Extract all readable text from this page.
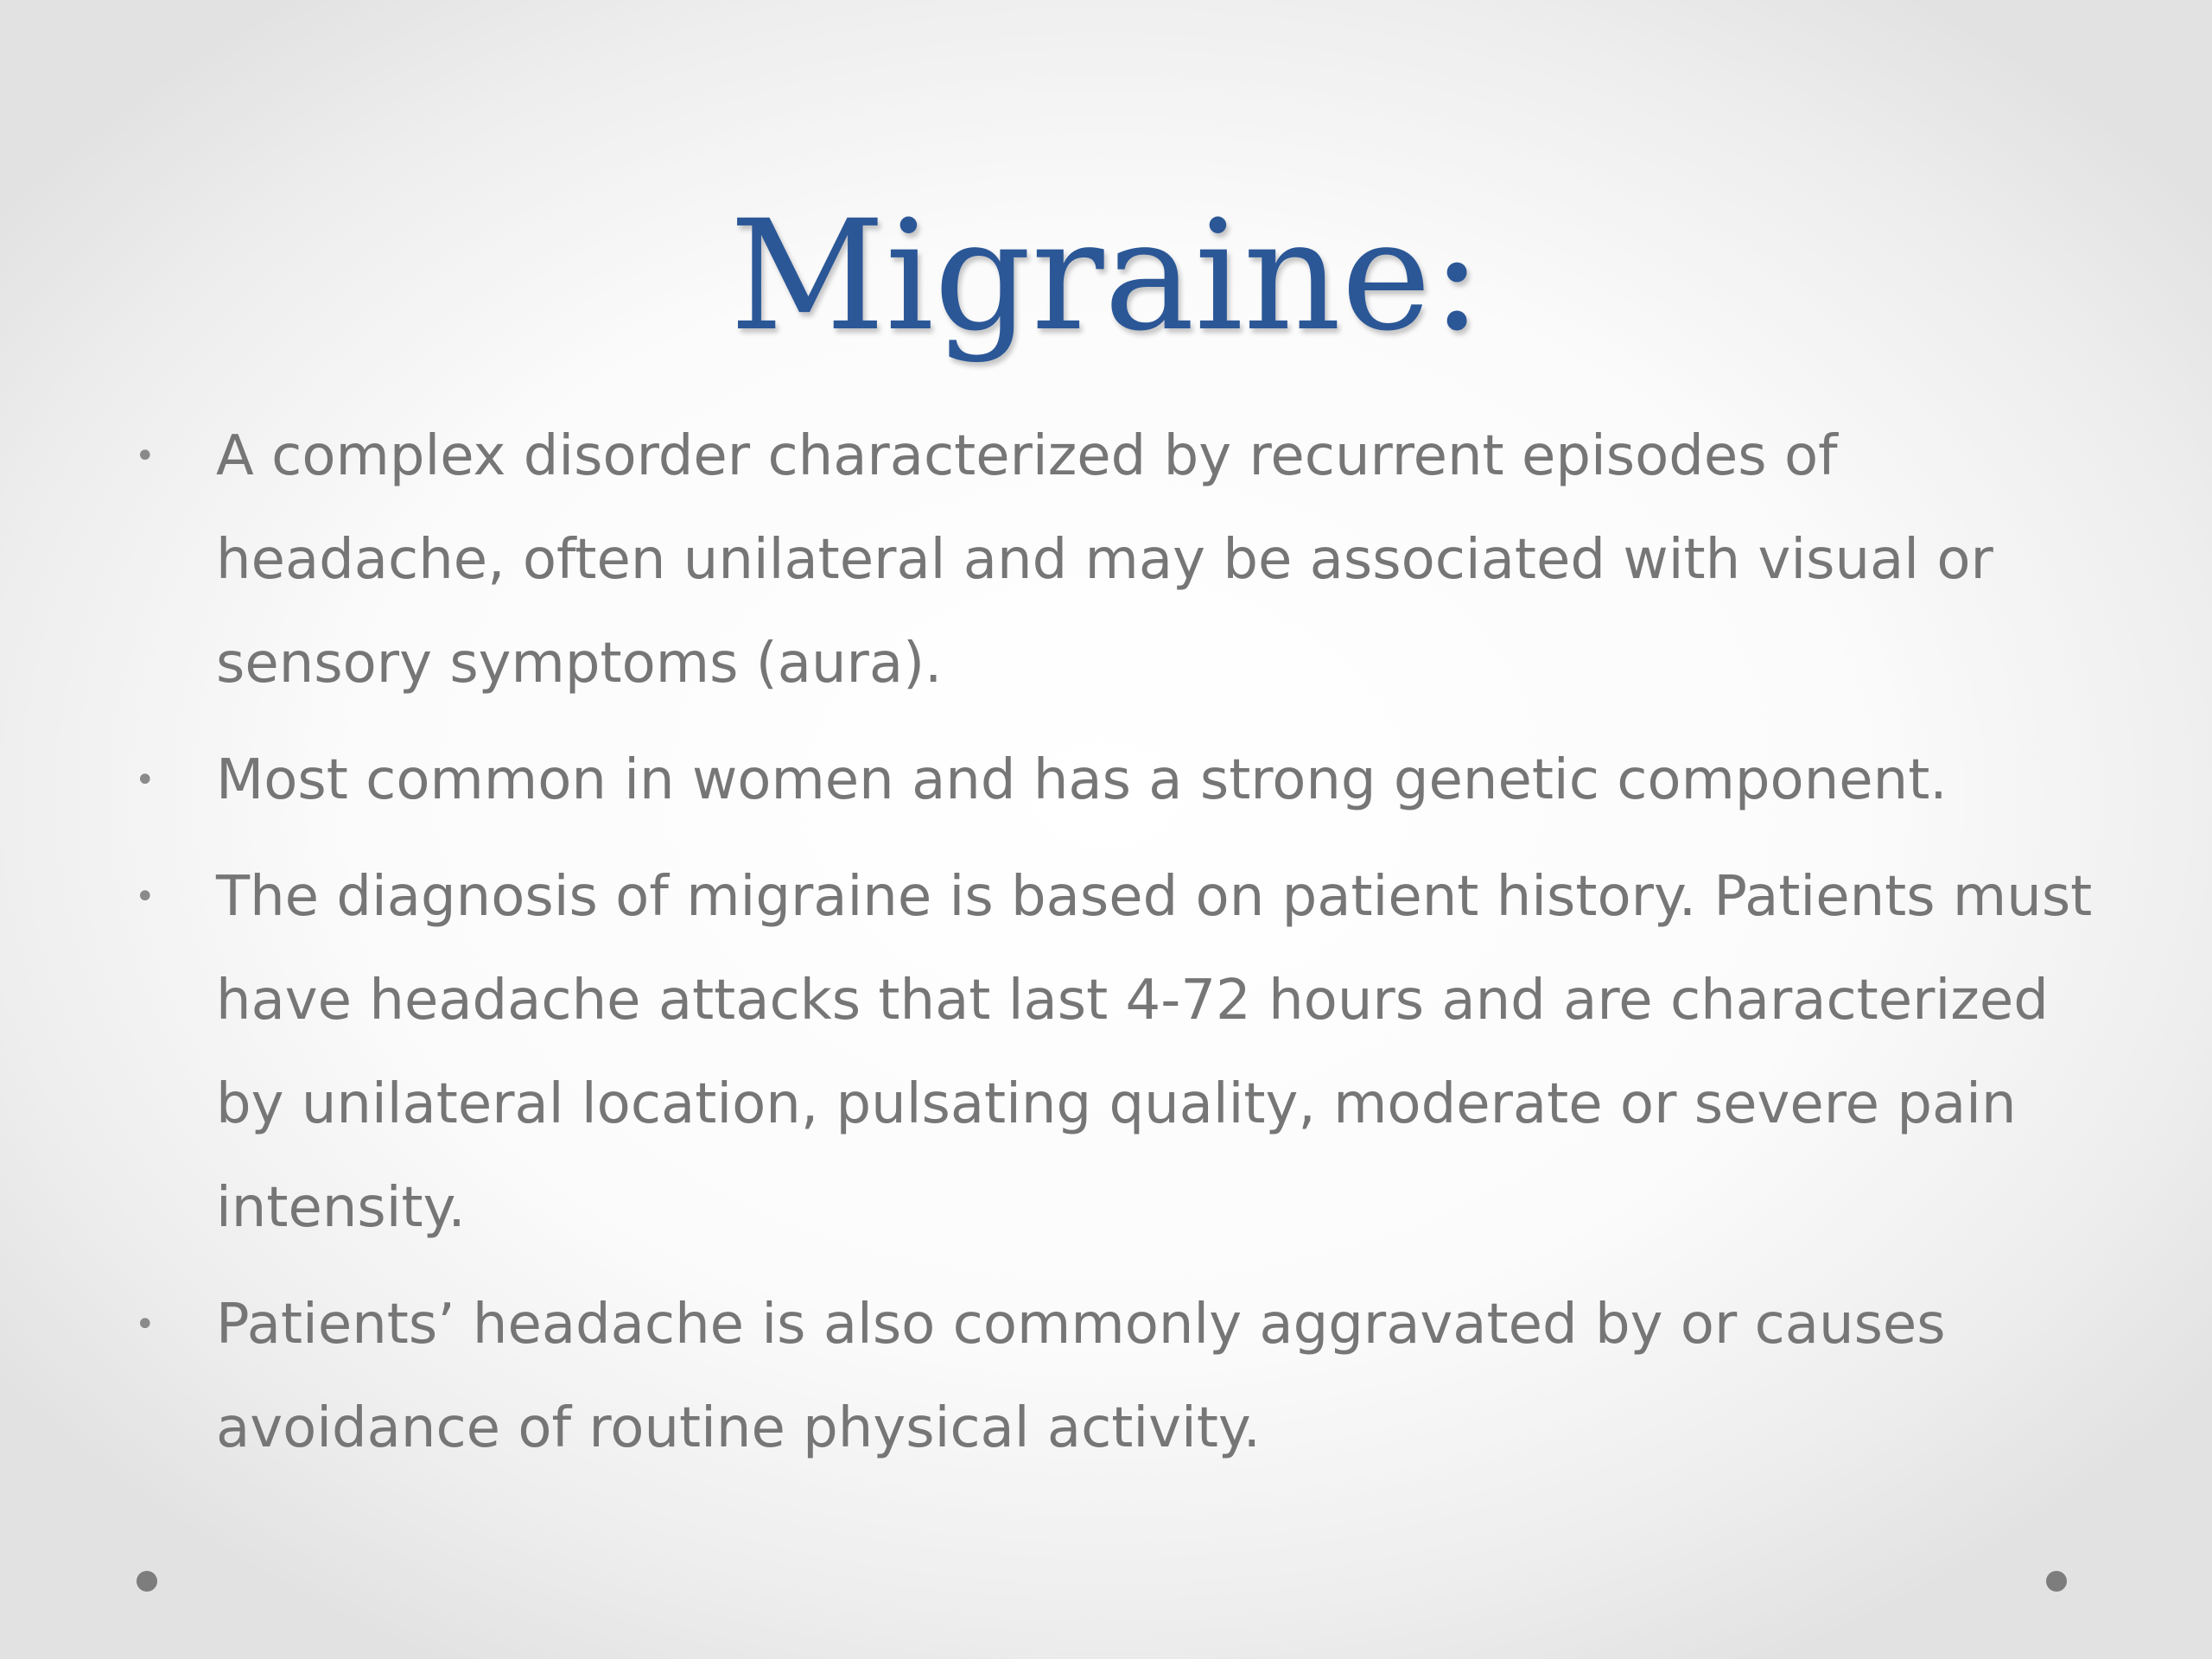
Migraine:
• A complex disorder characterized by recurrent episodes of headache, often unilateral and may be associated with visual or sensory symptoms (aura).
• Most common in women and has a strong genetic component.
• The diagnosis of migraine is based on patient history. Patients must have headache attacks that last 4-72 hours and are characterized by unilateral location, pulsating quality, moderate or severe pain intensity.
• Patients’ headache is also commonly aggravated by or causes avoidance of routine physical activity.
